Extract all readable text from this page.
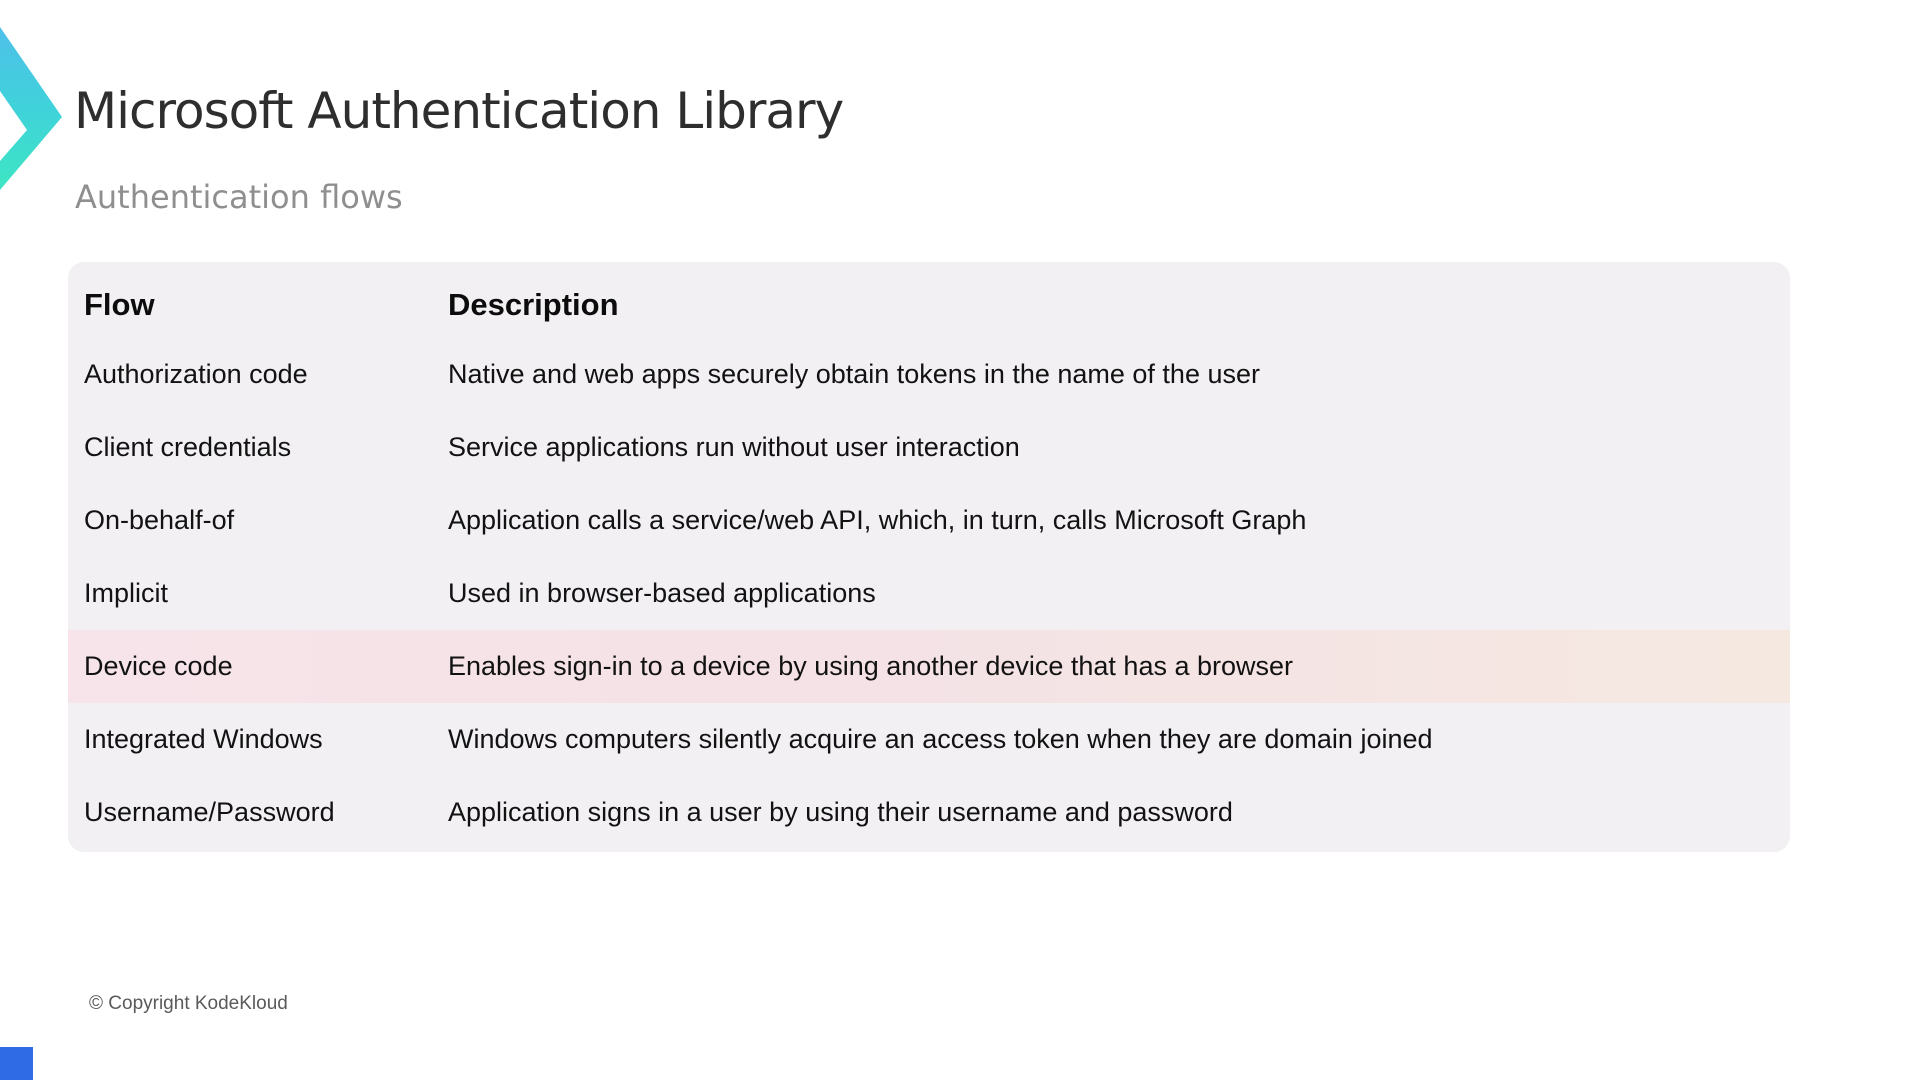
Microsoft Authentication Library
Authentication flows
Flow	Description
Authorization code	Native and web apps securely obtain tokens in the name of the user
Client credentials	Service applications run without user interaction
On-behalf-of	Application calls a service/web API, which, in turn, calls Microsoft Graph
Implicit	Used in browser-based applications
Device code	Enables sign-in to a device by using another device that has a browser
Integrated Windows	Windows computers silently acquire an access token when they are domain joined
Username/Password	Application signs in a user by using their username and password
© Copyright KodeKloud
